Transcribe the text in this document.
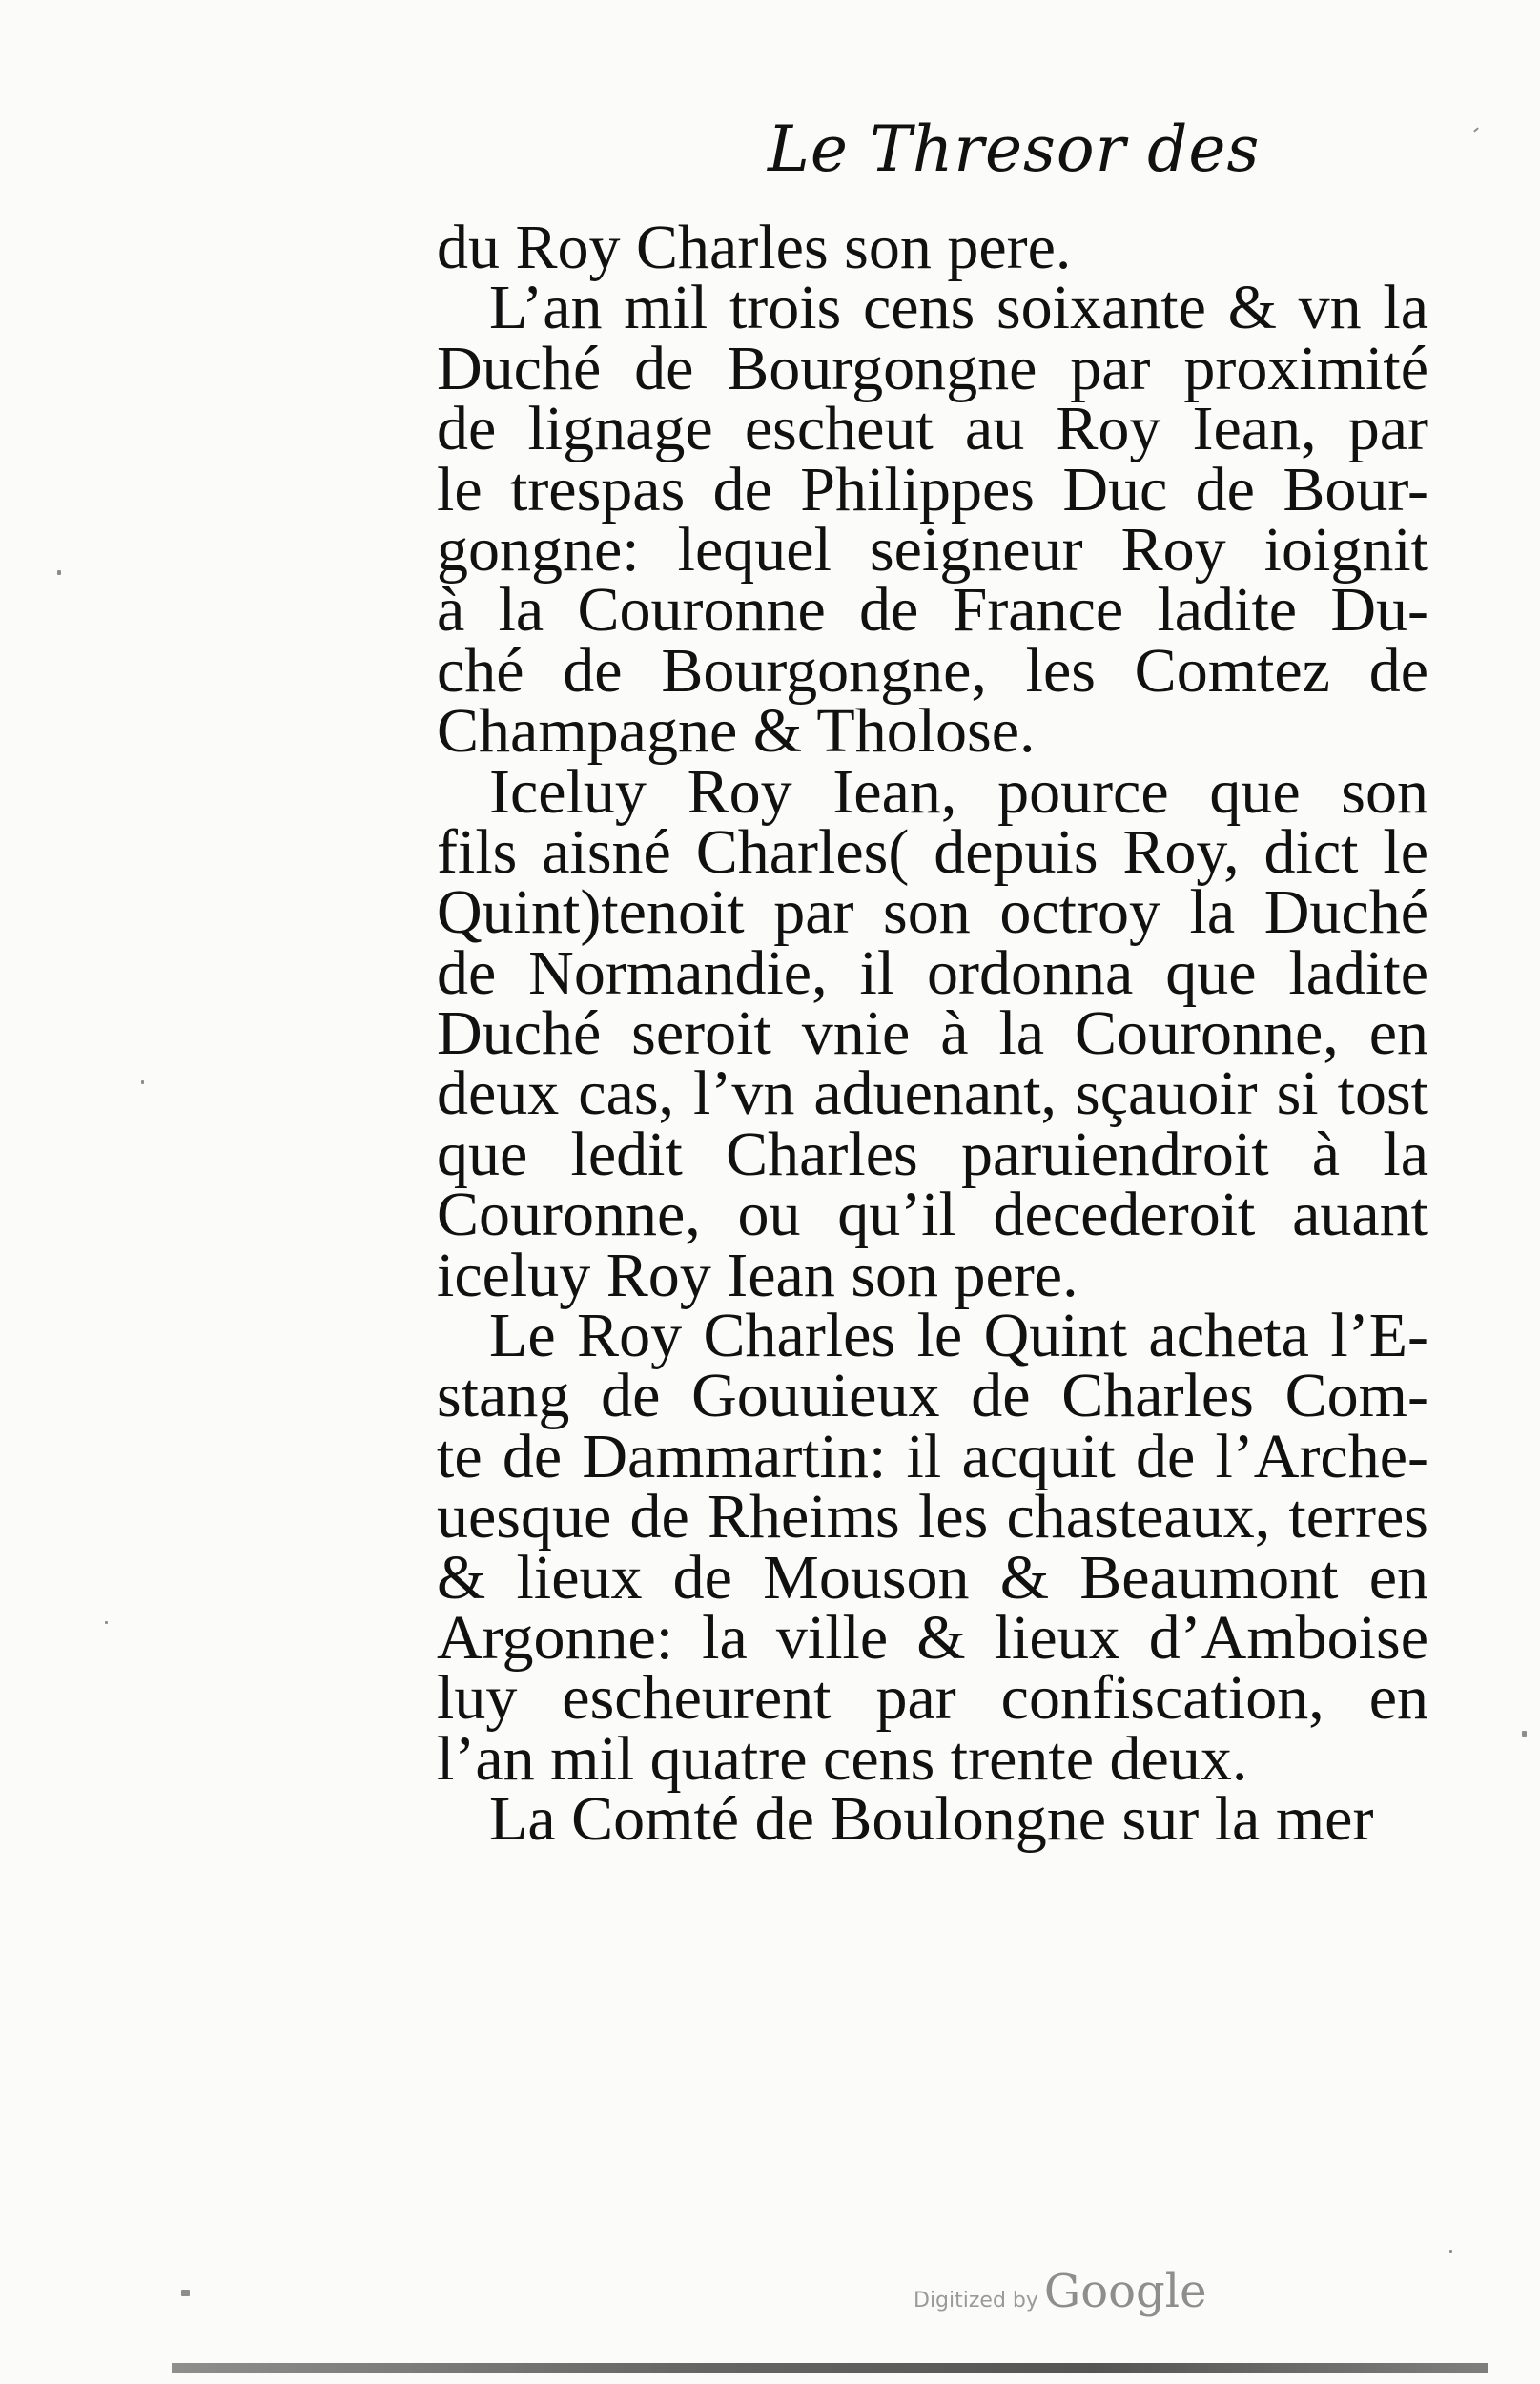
Le Thresor des
du Roy Charles son pere.
L’an mil trois cens soixante & vn la
Duché de Bourgongne par proximité
de lignage escheut au Roy Iean, par
le trespas de Philippes Duc de Bour-
gongne: lequel seigneur Roy ioignit
à la Couronne de France ladite Du-
ché de Bourgongne, les Comtez de
Champagne & Tholose.
Iceluy Roy Iean, pource que son
fils aisné Charles( depuis Roy, dict le
Quint)tenoit par son octroy la Duché
de Normandie, il ordonna que ladite
Duché seroit vnie à la Couronne, en
deux cas, l’vn aduenant, sçauoir si tost
que ledit Charles paruiendroit à la
Couronne, ou qu’il decederoit auant
iceluy Roy Iean son pere.
Le Roy Charles le Quint acheta l’E-
stang de Gouuieux de Charles Com-
te de Dammartin: il acquit de l’Arche-
uesque de Rheims les chasteaux, terres
& lieux de Mouson & Beaumont en
Argonne: la ville & lieux d’Amboise
luy escheurent par confiscation, en
l’an mil quatre cens trente deux.
La Comté de Boulongne sur la mer
Digitized by Google
